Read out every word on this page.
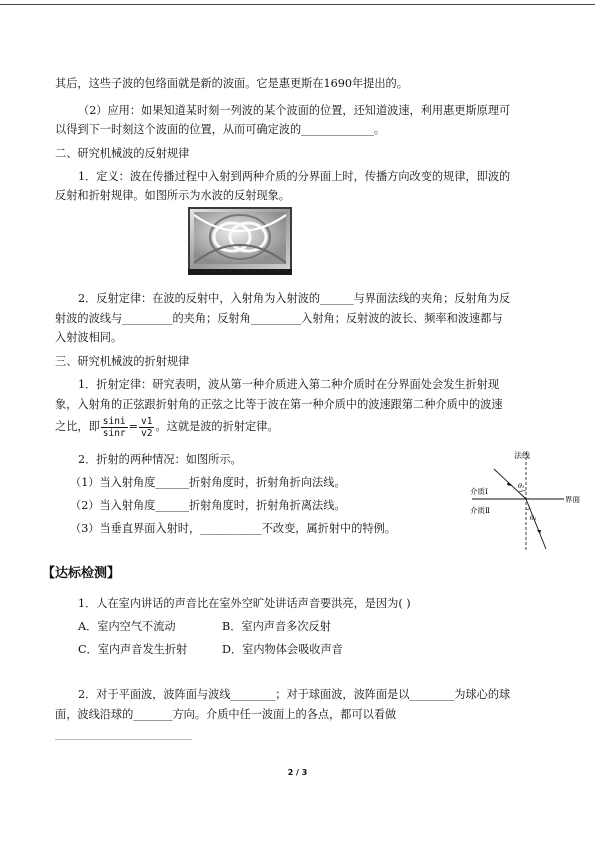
其后，这些子波的包络面就是新的波面。它是惠更斯在1690年提出的。
（2）应用：如果知道某时刻一列波的某个波面的位置，还知道波速，利用惠更斯原理可
以得到下一时刻这个波面的位置，从而可确定波的_____________。
二、研究机械波的反射规律
1．定义：波在传播过程中入射到两种介质的分界面上时，传播方向改变的规律，即波的
反射和折射规律。如图所示为水波的反射现象。
2．反射定律：在波的反射中，入射角为入射波的______与界面法线的夹角；反射角为反
射波的波线与_________的夹角；反射角_________入射角；反射波的波长、频率和波速都与
入射波相同。
三、研究机械波的折射规律
1．折射定律：研究表明，波从第一种介质进入第二种介质时在分界面处会发生折射现
象，入射角的正弦跟折射角的正弦之比等于波在第一种介质中的波速跟第二种介质中的波速
之比，即 $\frac{\sin i}{\sin r} = \frac{v1}{v2}$ 。这就是波的折射定律。
2．折射的两种情况：如图所示。
（1）当入射角度______折射角度时，折射角折向法线。
（2）当入射角度______折射角度时，折射角折离法线。
（3）当垂直界面入射时，___________不改变，属折射中的特例。
法线
介质Ⅰ
介质Ⅱ
界面
θ₁
θ₂
【达标检测】
1．人在室内讲话的声音比在室外空旷处讲话声音要洪亮，是因为( )
A．室内空气不流动	B．室内声音多次反射
C．室内声音发生折射	D．室内物体会吸收声音
2．对于平面波，波阵面与波线________；对于球面波，波阵面是以________为球心的球
面，波线沿球的_______方向。介质中任一波面上的各点，都可以看做
2 / 3
